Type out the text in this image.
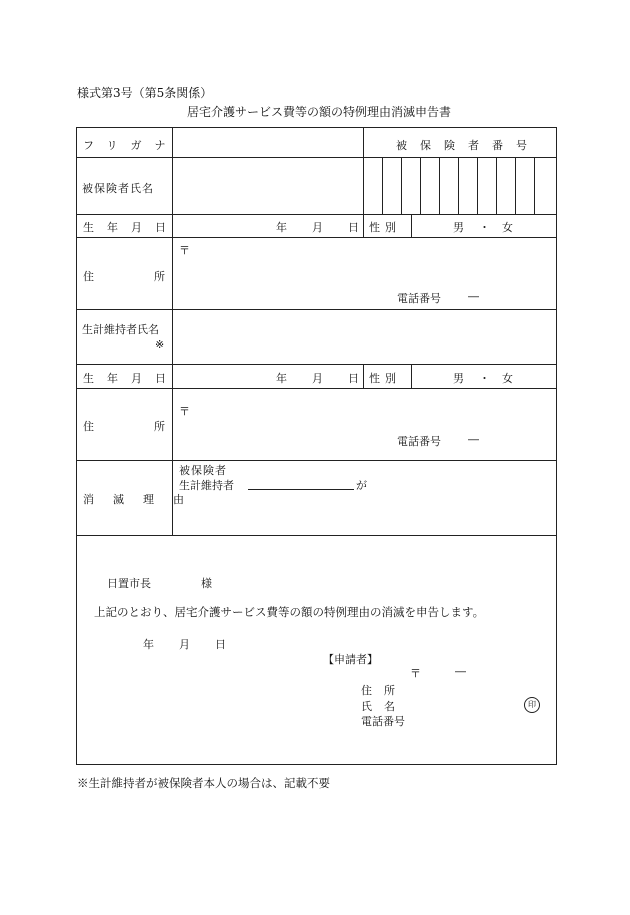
様式第3号（第5条関係）
居宅介護サービス費等の額の特例理由消滅申告書
フリガナ	被保険者番号
被保険者氏名
生年月日	年 月 日 性別	男 ・ 女
住所
〒
電話番号 ―
生計維持者氏名
※
生年月日	年 月 日 性別	男 ・ 女
住所
〒
電話番号 ―
消滅理由
被保険者
生計維持者	が
日置市長	様
上記のとおり、居宅介護サービス費等の額の特例理由の消滅を申告します。
年 月 日
【申請者】
〒	―
住所
氏名	印
電話番号
※生計維持者が被保険者本人の場合は、記載不要
